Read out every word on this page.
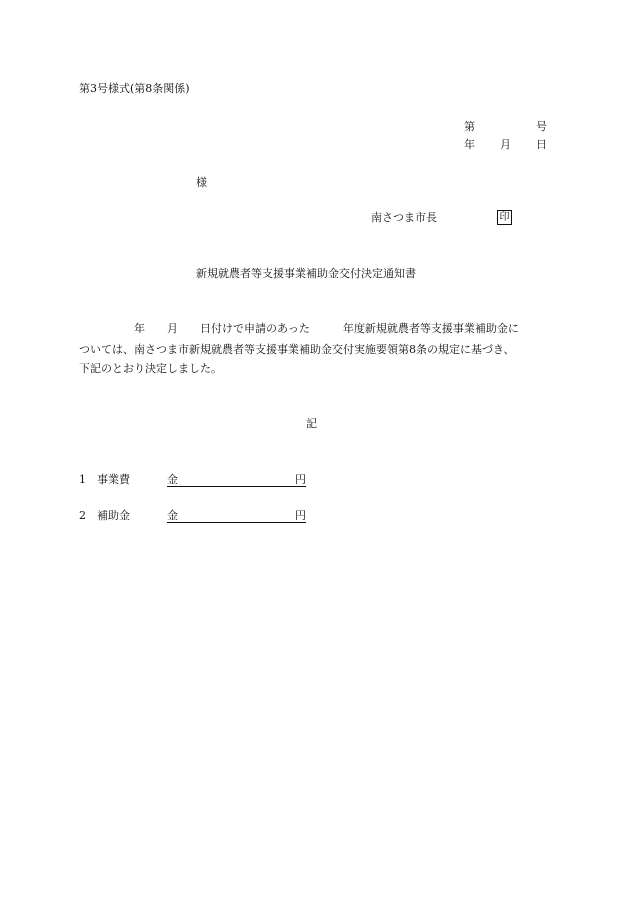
第3号様式(第8条関係)
第	号
年 月 日
様
南さつま市長	印
新規就農者等支援事業補助金交付決定通知書
　　　　　年　　月　　日付けで申請のあった　　　年度新規就農者等支援事業補助金に
ついては、南さつま市新規就農者等支援事業補助金交付実施要領第8条の規定に基づき、
下記のとおり決定しました。
記
1 事業費	金	円
2 補助金	金	円
